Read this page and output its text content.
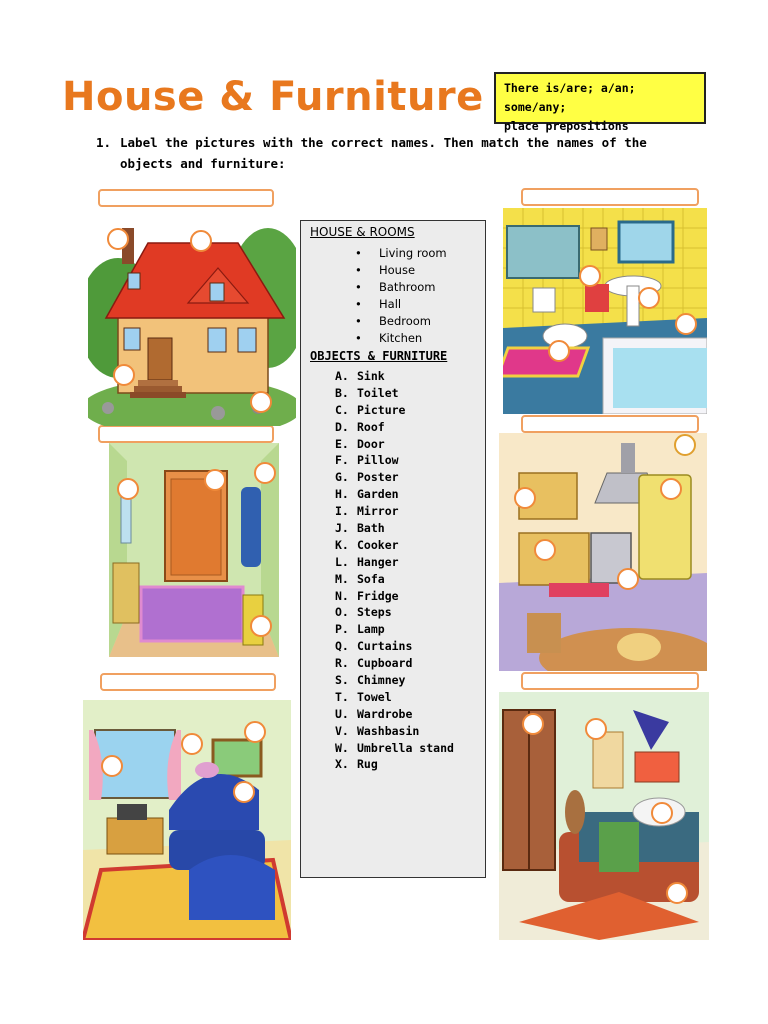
House & Furniture There is/are; a/an; some/any;
place prepositions
1. Label the pictures with the correct names. Then match the names of the objects and furniture:
HOUSE & ROOMS
• Living room
• House
• Bathroom
• Hall
• Bedroom
• Kitchen
OBJECTS & FURNITURE
A. Sink
B. Toilet
C. Picture
D. Roof
E. Door
F. Pillow
G. Poster
H. Garden
I. Mirror
J. Bath
K. Cooker
L. Hanger
M. Sofa
N. Fridge
O. Steps
P. Lamp
Q. Curtains
R. Cupboard
S. Chimney
T. Towel
U. Wardrobe
V. Washbasin
W. Umbrella stand
X. Rug
